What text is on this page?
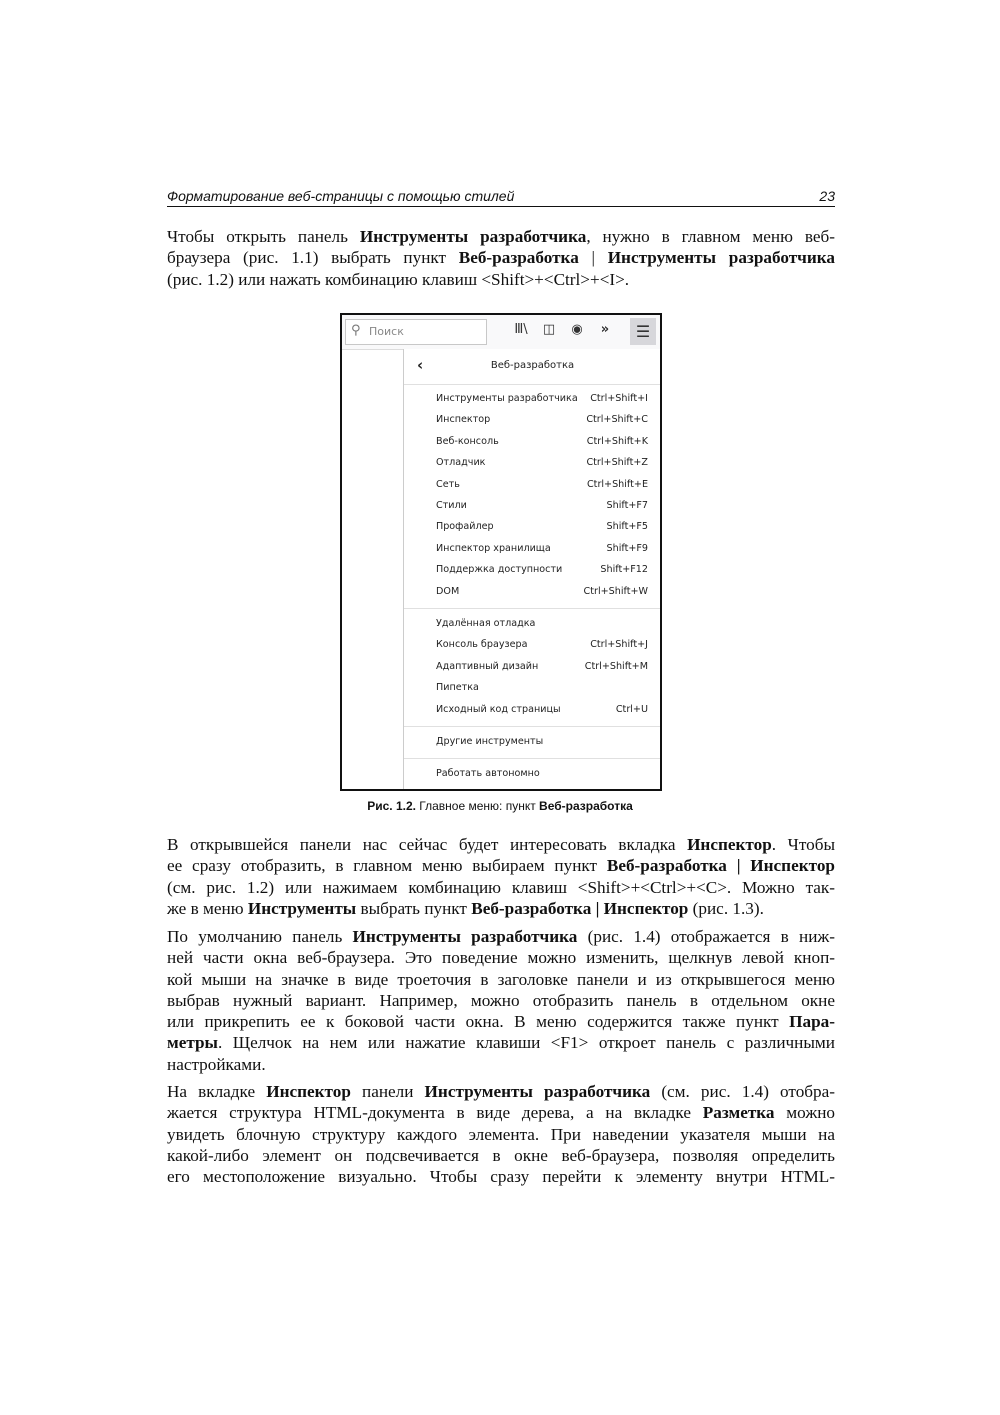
Форматирование веб-страницы с помощью стилей	23
Чтобы открыть панель Инструменты разработчика, нужно в главном меню веб-
браузера (рис. 1.1) выбрать пункт Веб-разработка | Инструменты разработчика
(рис. 1.2) или нажать комбинацию клавиш <Shift>+<Ctrl>+<I>.
⚲ Поиск	Ⅲ\ ◫	◉	»	☰
‹	Веб-разработка
Инструменты разработчика Ctrl+Shift+I
Инспектор	Ctrl+Shift+C
Веб-консоль	Ctrl+Shift+K
Отладчик	Ctrl+Shift+Z
Сеть	Ctrl+Shift+E
Стили	Shift+F7
Профайлер	Shift+F5
Инспектор хранилища	Shift+F9
Поддержка доступности	Shift+F12
DOM	Ctrl+Shift+W
Удалённая отладка
Консоль браузера	Ctrl+Shift+J
Адаптивный дизайн	Ctrl+Shift+M
Пипетка
Исходный код страницы	Ctrl+U
Другие инструменты
Работать автономно
Рис. 1.2. Главное меню: пункт Веб-разработка
В открывшейся панели нас сейчас будет интересовать вкладка Инспектор. Чтобы
ее сразу отобразить, в главном меню выбираем пункт Веб-разработка | Инспектор
(см. рис. 1.2) или нажимаем комбинацию клавиш <Shift>+<Ctrl>+<C>. Можно так-
же в меню Инструменты выбрать пункт Веб-разработка | Инспектор (рис. 1.3).
По умолчанию панель Инструменты разработчика (рис. 1.4) отображается в ниж-
ней части окна веб-браузера. Это поведение можно изменить, щелкнув левой кноп-
кой мыши на значке в виде троеточия в заголовке панели и из открывшегося меню
выбрав нужный вариант. Например, можно отобразить панель в отдельном окне
или прикрепить ее к боковой части окна. В меню содержится также пункт Пара-
метры. Щелчок на нем или нажатие клавиши <F1> откроет панель с различными
настройками.
На вкладке Инспектор панели Инструменты разработчика (см. рис. 1.4) отобра-
жается структура HTML-документа в виде дерева, а на вкладке Разметка можно
увидеть блочную структуру каждого элемента. При наведении указателя мыши на
какой-либо элемент он подсвечивается в окне веб-браузера, позволяя определить
его местоположение визуально. Чтобы сразу перейти к элементу внутри HTML-
